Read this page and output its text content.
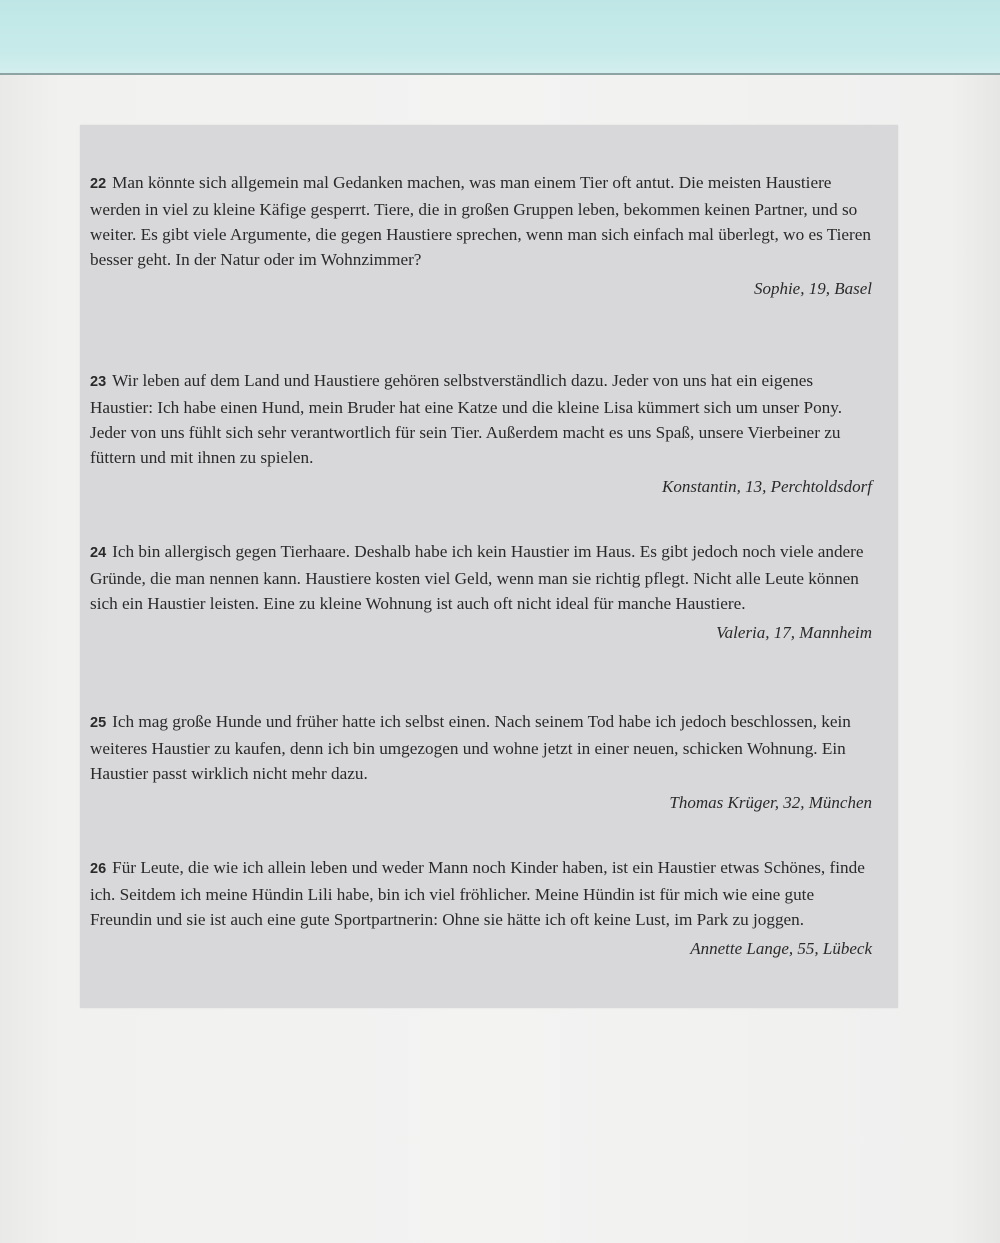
22 Man könnte sich allgemein mal Gedanken machen, was man einem Tier oft antut. Die meisten Haustiere werden in viel zu kleine Käfige gesperrt. Tiere, die in großen Gruppen leben, bekommen keinen Partner, und so weiter. Es gibt viele Argumente, die gegen Haustiere sprechen, wenn man sich einfach mal überlegt, wo es Tieren besser geht. In der Natur oder im Wohnzimmer?

Sophie, 19, Basel

23 Wir leben auf dem Land und Haustiere gehören selbstverständlich dazu. Jeder von uns hat ein eigenes Haustier: Ich habe einen Hund, mein Bruder hat eine Katze und die kleine Lisa kümmert sich um unser Pony. Jeder von uns fühlt sich sehr verantwortlich für sein Tier. Außerdem macht es uns Spaß, unsere Vierbeiner zu füttern und mit ihnen zu spielen.

Konstantin, 13, Perchtoldsdorf

24 Ich bin allergisch gegen Tierhaare. Deshalb habe ich kein Haustier im Haus. Es gibt jedoch noch viele andere Gründe, die man nennen kann. Haustiere kosten viel Geld, wenn man sie richtig pflegt. Nicht alle Leute können sich ein Haustier leisten. Eine zu kleine Wohnung ist auch oft nicht ideal für manche Haustiere.

Valeria, 17, Mannheim

25 Ich mag große Hunde und früher hatte ich selbst einen. Nach seinem Tod habe ich jedoch beschlossen, kein weiteres Haustier zu kaufen, denn ich bin umgezogen und wohne jetzt in einer neuen, schicken Wohnung. Ein Haustier passt wirklich nicht mehr dazu.

Thomas Krüger, 32, München

26 Für Leute, die wie ich allein leben und weder Mann noch Kinder haben, ist ein Haustier etwas Schönes, finde ich. Seitdem ich meine Hündin Lili habe, bin ich viel fröhlicher. Meine Hündin ist für mich wie eine gute Freundin und sie ist auch eine gute Sportpartnerin: Ohne sie hätte ich oft keine Lust, im Park zu joggen.

Annette Lange, 55, Lübeck
